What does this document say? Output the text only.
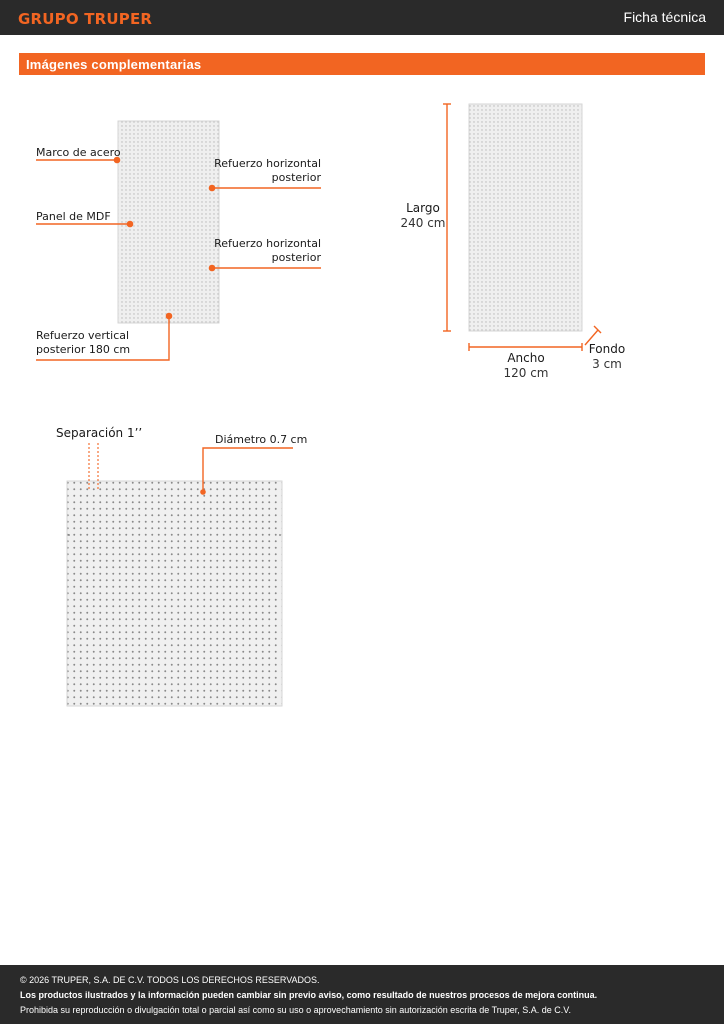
GRUPO TRUPER	Ficha técnica
Imágenes complementarias
Marco de acero
Panel de MDF
Refuerzo horizontal
posterior
Refuerzo horizontal
posterior
Refuerzo vertical
posterior 180 cm
Largo
240 cm
Ancho
120 cm
Fondo
3 cm
Separación 1’’	Diámetro 0.7 cm
© 2026 TRUPER, S.A. DE C.V. TODOS LOS DERECHOS RESERVADOS.
Los productos ilustrados y la información pueden cambiar sin previo aviso, como resultado de nuestros procesos de mejora continua.
Prohibida su reproducción o divulgación total o parcial así como su uso o aprovechamiento sin autorización escrita de Truper, S.A. de C.V.
